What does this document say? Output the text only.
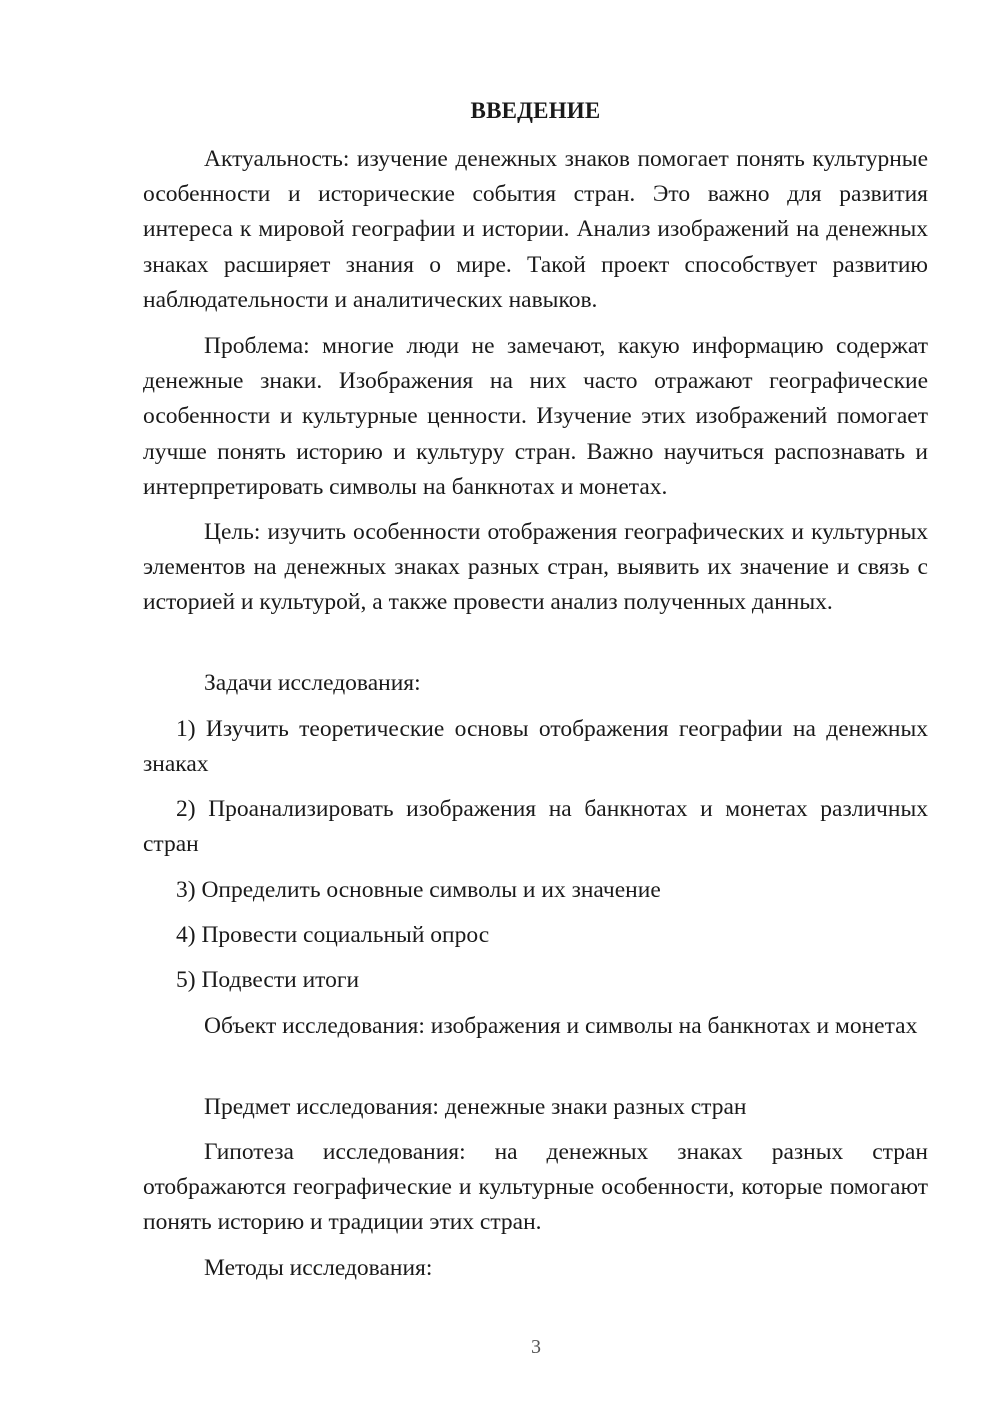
ВВЕДЕНИЕ

Актуальность: изучение денежных знаков помогает понять культурные особенности и исторические события стран. Это важно для развития интереса к мировой географии и истории. Анализ изображений на денежных знаках расширяет знания о мире. Такой проект способствует развитию наблюдательности и аналитических навыков.

Проблема: многие люди не замечают, какую информацию содержат денежные знаки. Изображения на них часто отражают географические особенности и культурные ценности. Изучение этих изображений помогает лучше понять историю и культуру стран. Важно научиться распознавать и интерпретировать символы на банкнотах и монетах.

Цель: изучить особенности отображения географических и культурных элементов на денежных знаках разных стран, выявить их значение и связь с историей и культурой, а также провести анализ полученных данных.

Задачи исследования:

1) Изучить теоретические основы отображения географии на денежных знаках

2) Проанализировать изображения на банкнотах и монетах различных стран

3) Определить основные символы и их значение

4) Провести социальный опрос

5) Подвести итоги

Объект исследования: изображения и символы на банкнотах и монетах

Предмет исследования: денежные знаки разных стран

Гипотеза исследования: на денежных знаках разных стран отображаются географические и культурные особенности, которые помогают понять историю и традиции этих стран.

Методы исследования:

3
